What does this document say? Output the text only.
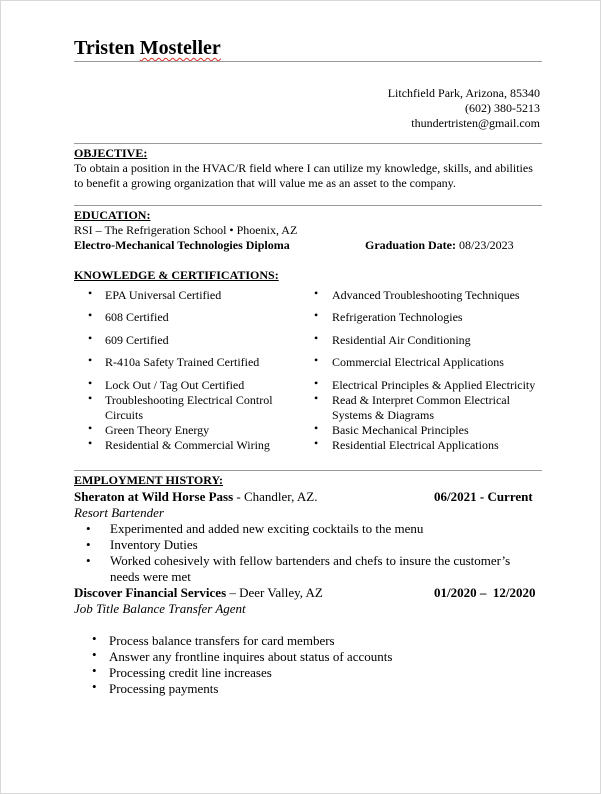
Tristen Mosteller
Litchfield Park, Arizona, 85340
(602) 380-5213
thundertristen@gmail.com
OBJECTIVE:
To obtain a position in the HVAC/R field where I can utilize my knowledge, skills, and abilities
to benefit a growing organization that will value me as an asset to the company.
EDUCATION:
RSI – The Refrigeration School • Phoenix, AZ
Electro-Mechanical Technologies Diploma	Graduation Date: 08/23/2023
KNOWLEDGE & CERTIFICATIONS:
• EPA Universal Certified
• 608 Certified
• 609 Certified
• R-410a Safety Trained Certified
• Lock Out / Tag Out Certified
• Troubleshooting Electrical Control Circuits
• Green Theory Energy
• Residential & Commercial Wiring
• Advanced Troubleshooting Techniques
• Refrigeration Technologies
• Residential Air Conditioning
• Commercial Electrical Applications
• Electrical Principles & Applied Electricity
• Read & Interpret Common Electrical Systems & Diagrams
• Basic Mechanical Principles
• Residential Electrical Applications
EMPLOYMENT HISTORY:
Sheraton at Wild Horse Pass - Chandler, AZ.	06/2021 - Current
Resort Bartender
• Experimented and added new exciting cocktails to the menu
• Inventory Duties
• Worked cohesively with fellow bartenders and chefs to insure the customer’s needs were met
Discover Financial Services – Deer Valley, AZ	01/2020 –  12/2020
Job Title Balance Transfer Agent
• Process balance transfers for card members
• Answer any frontline inquires about status of accounts
• Processing credit line increases
• Processing payments
